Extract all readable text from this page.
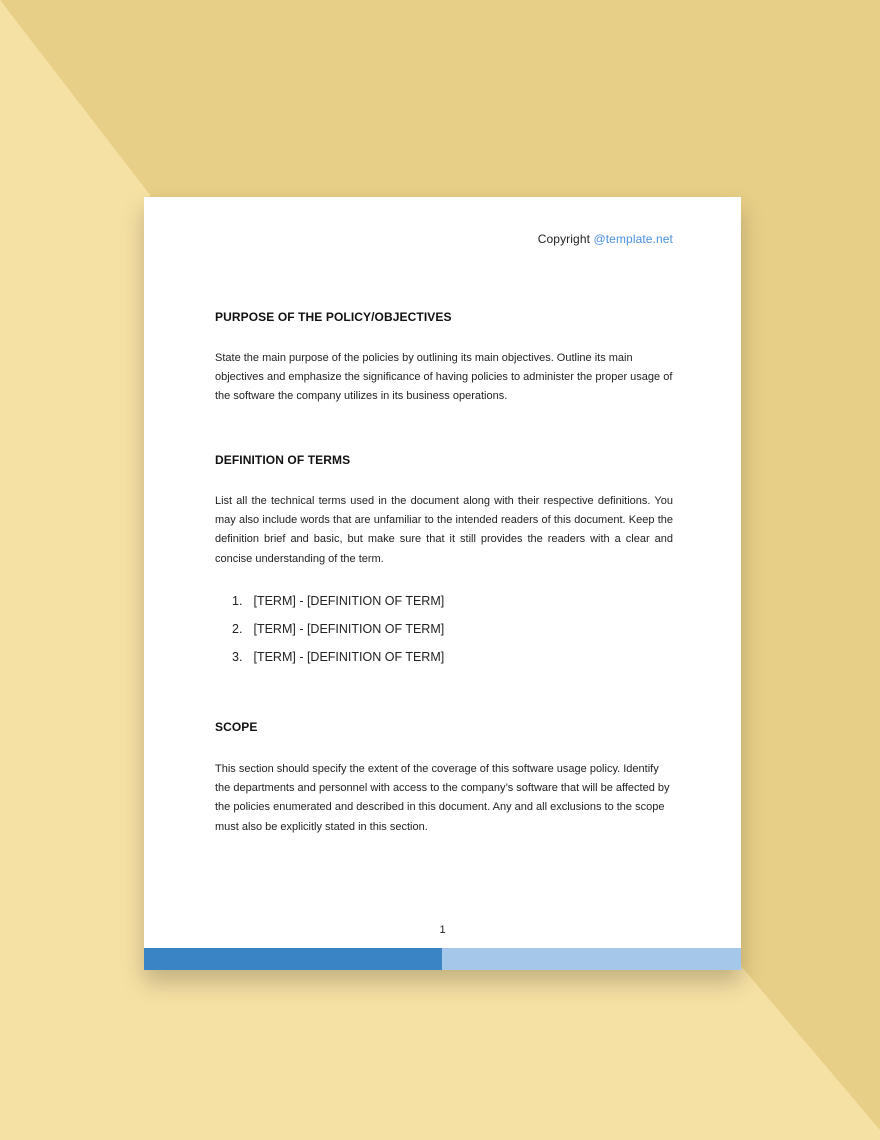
Copyright @template.net
PURPOSE OF THE POLICY/OBJECTIVES

State the main purpose of the policies by outlining its main objectives. Outline its main objectives and emphasize the significance of having policies to administer the proper usage of the software the company utilizes in its business operations.

DEFINITION OF TERMS

List all the technical terms used in the document along with their respective definitions. You may also include words that are unfamiliar to the intended readers of this document. Keep the definition brief and basic, but make sure that it still provides the readers with a clear and concise understanding of the term.

1. [TERM] - [DEFINITION OF TERM]
2. [TERM] - [DEFINITION OF TERM]
3. [TERM] - [DEFINITION OF TERM]
SCOPE

This section should specify the extent of the coverage of this software usage policy. Identify the departments and personnel with access to the company’s software that will be affected by the policies enumerated and described in this document. Any and all exclusions to the scope must also be explicitly stated in this section.

1
